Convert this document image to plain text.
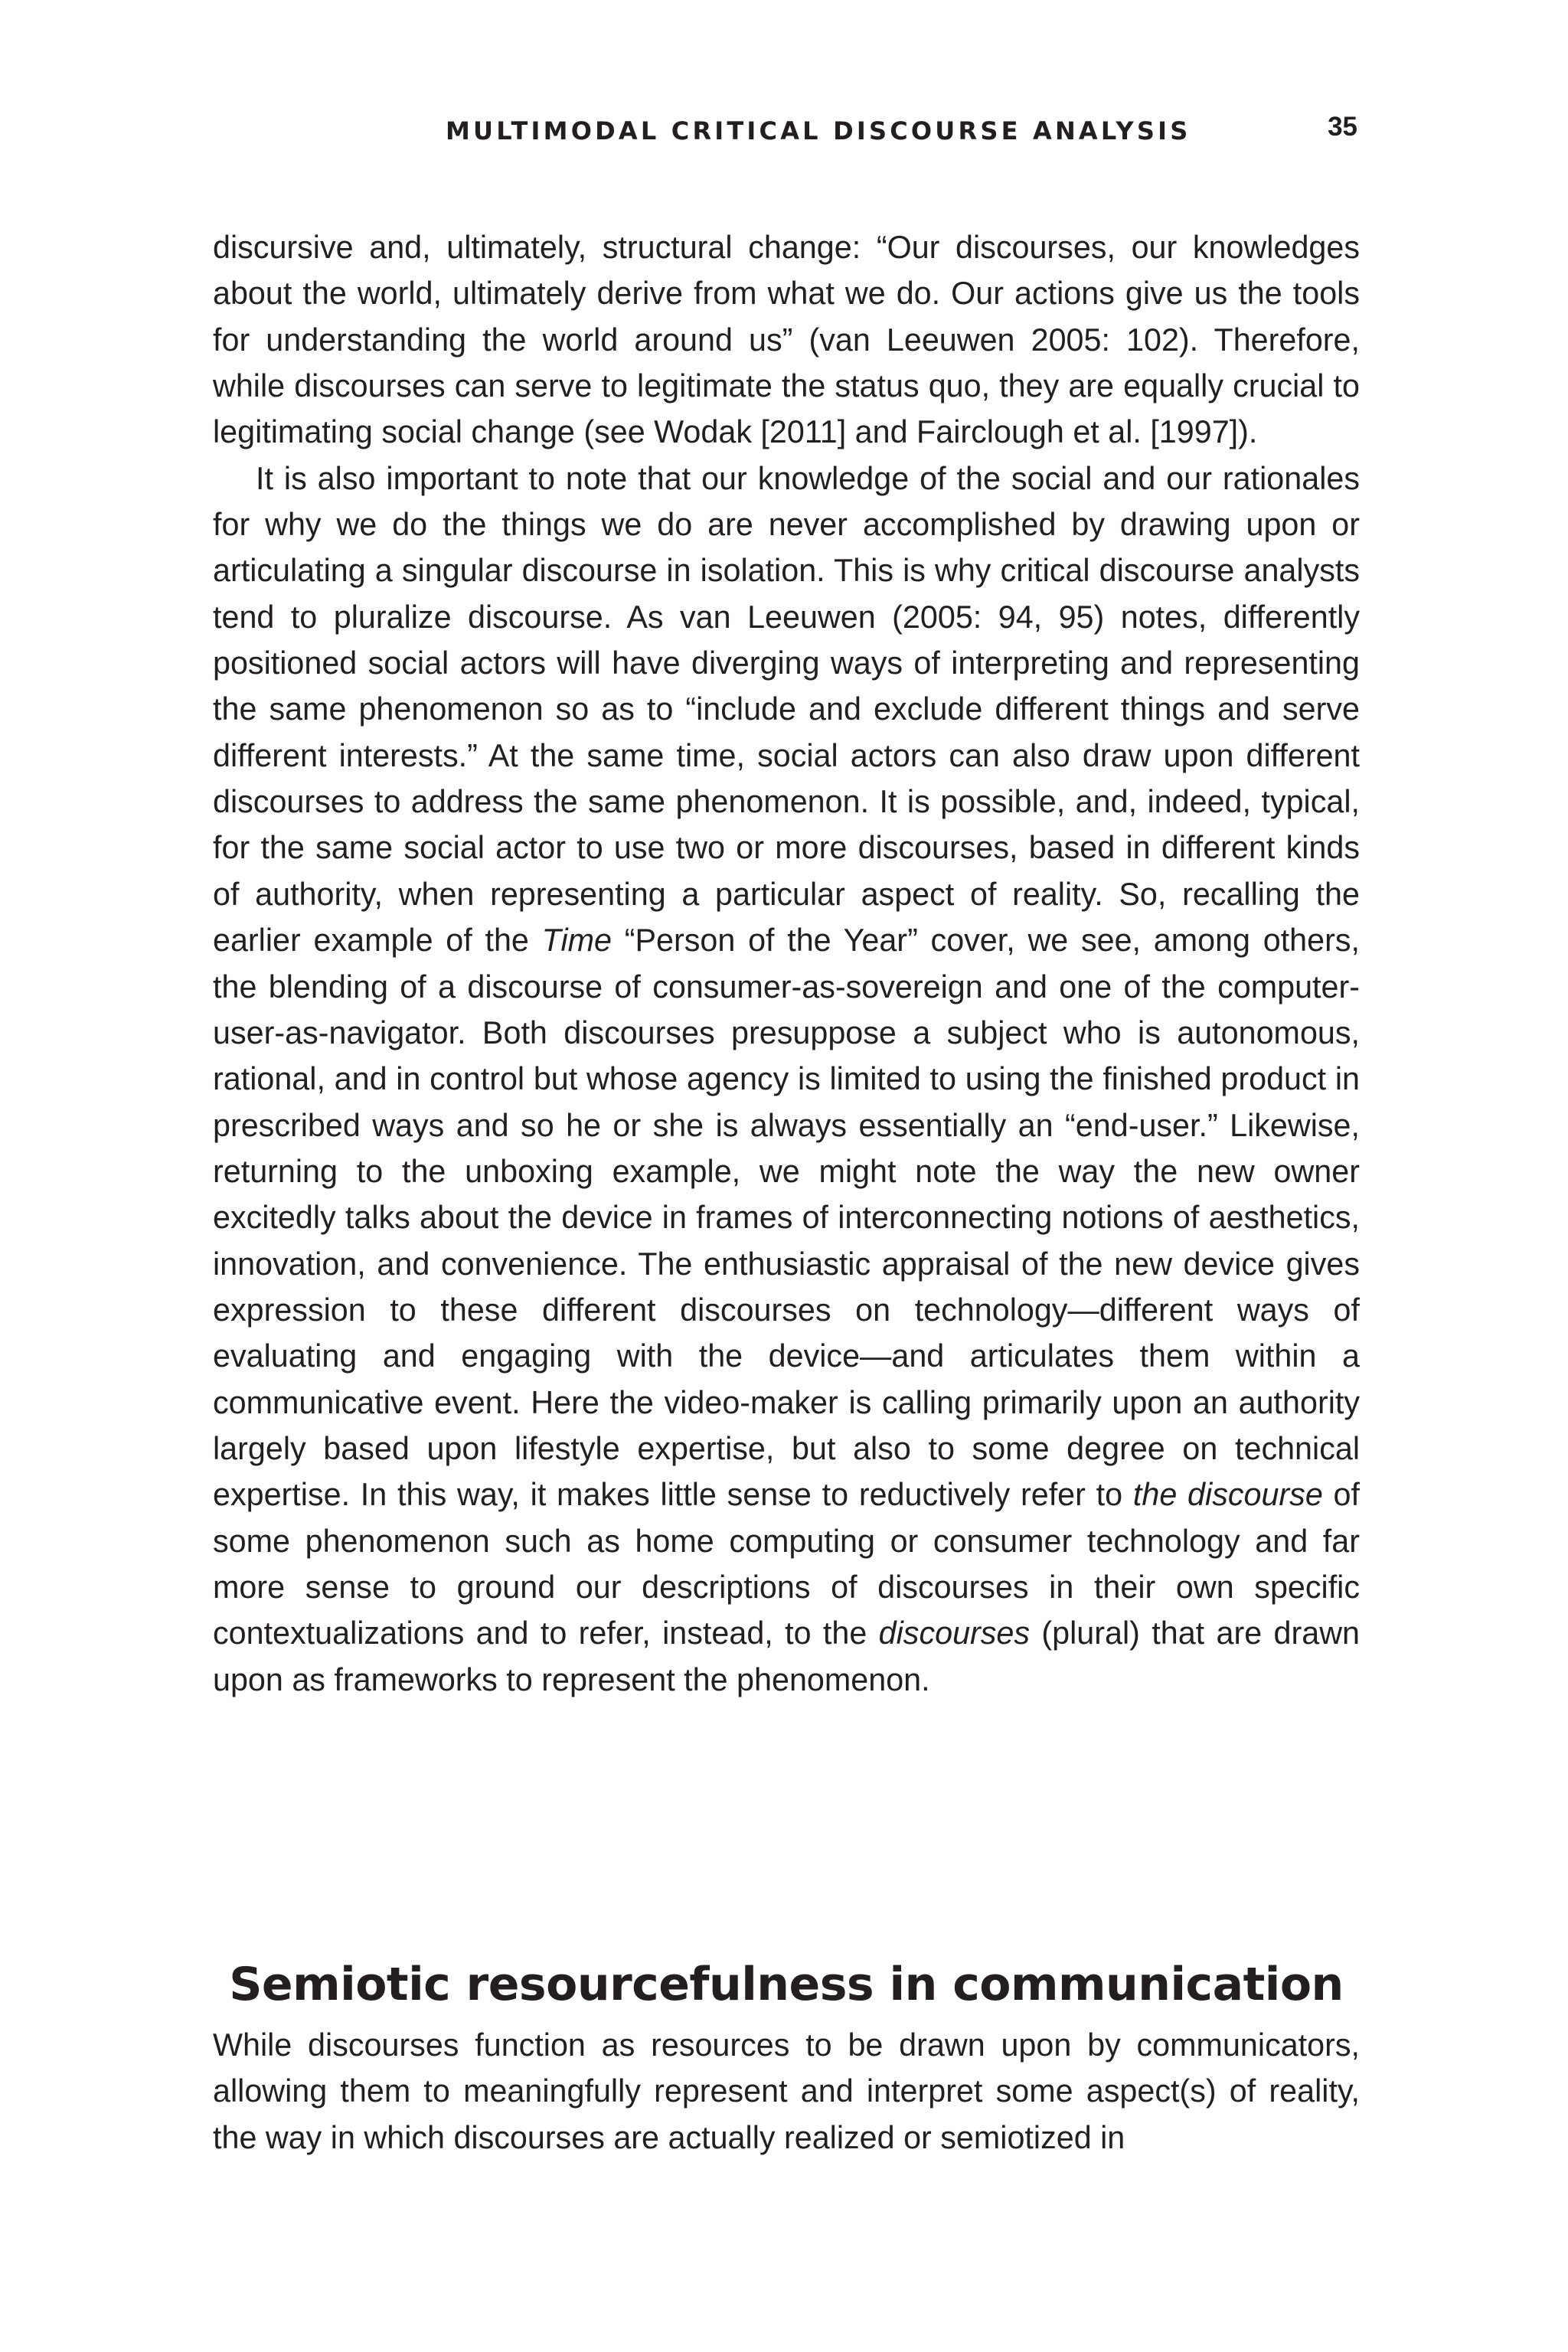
MULTIMODAL CRITICAL DISCOURSE ANALYSIS	35

discursive and, ultimately, structural change: “Our discourses, our knowledges about the world, ultimately derive from what we do. Our actions give us the tools for understanding the world around us” (van Leeuwen 2005: 102). Therefore, while discourses can serve to legitimate the status quo, they are equally crucial to legitimating social change (see Wodak [2011] and Fairclough et al. [1997]).

It is also important to note that our knowledge of the social and our rationales for why we do the things we do are never accomplished by drawing upon or articulating a singular discourse in isolation. This is why critical discourse analysts tend to pluralize discourse. As van Leeuwen (2005: 94, 95) notes, differently positioned social actors will have diverging ways of interpreting and representing the same phenomenon so as to “include and exclude different things and serve different interests.” At the same time, social actors can also draw upon different discourses to address the same phenomenon. It is possible, and, indeed, typical, for the same social actor to use two or more discourses, based in different kinds of authority, when representing a particular aspect of reality. So, recalling the earlier example of the Time “Person of the Year” cover, we see, among others, the blending of a discourse of consumer-as-sovereign and one of the computer-user-as-navigator. Both discourses presuppose a subject who is autonomous, rational, and in control but whose agency is limited to using the finished product in prescribed ways and so he or she is always essentially an “end-user.” Likewise, returning to the unboxing example, we might note the way the new owner excitedly talks about the device in frames of interconnecting notions of aesthetics, innovation, and convenience. The enthusiastic appraisal of the new device gives expression to these different discourses on technology—different ways of evaluating and engaging with the device—and articulates them within a communicative event. Here the video-maker is calling primarily upon an authority largely based upon lifestyle expertise, but also to some degree on technical expertise. In this way, it makes little sense to reductively refer to the discourse of some phenomenon such as home computing or consumer technology and far more sense to ground our descriptions of discourses in their own specific contextualizations and to refer, instead, to the discourses (plural) that are drawn upon as frameworks to represent the phenomenon.

Semiotic resourcefulness in communication

While discourses function as resources to be drawn upon by communicators, allowing them to meaningfully represent and interpret some aspect(s) of reality, the way in which discourses are actually realized or semiotized in
